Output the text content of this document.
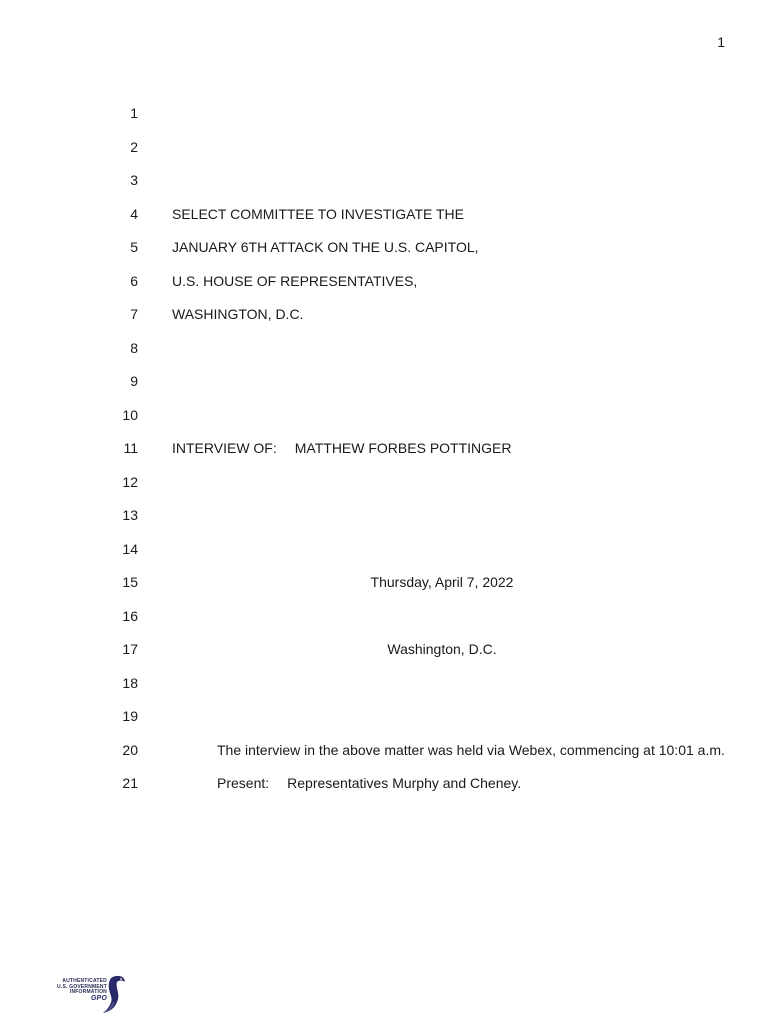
1
1
2
3
4 SELECT COMMITTEE TO INVESTIGATE THE
5 JANUARY 6TH ATTACK ON THE U.S. CAPITOL,
6 U.S. HOUSE OF REPRESENTATIVES,
7 WASHINGTON, D.C.
8
9
10
11 INTERVIEW OF: MATTHEW FORBES POTTINGER
12
13
14
15	Thursday, April 7, 2022
16
17	Washington, D.C.
18
19
20	The interview in the above matter was held via Webex, commencing at 10:01 a.m.
21	Present: Representatives Murphy and Cheney.
AUTHENTICATED
U.S. GOVERNMENT
INFORMATION
GPO
